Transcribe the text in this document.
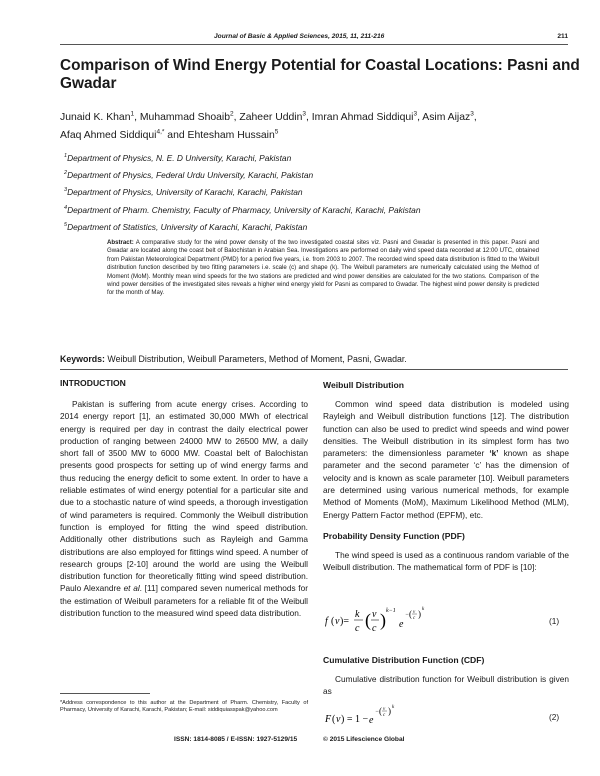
Journal of Basic & Applied Sciences, 2015, 11, 211-216	211
Comparison of Wind Energy Potential for Coastal Locations: Pasni and Gwadar
Junaid K. Khan$^1$, Muhammad Shoaib$^2$, Zaheer Uddin$^3$, Imran Ahmad Siddiqui$^3$, Asim Aijaz$^3$,
Afaq Ahmed Siddiqui$^{4,*}$ and Ehtesham Hussain$^5$
$^1$Department of Physics, N. E. D University, Karachi, Pakistan
$^2$Department of Physics, Federal Urdu University, Karachi, Pakistan
$^3$Department of Physics, University of Karachi, Karachi, Pakistan
$^4$Department of Pharm. Chemistry, Faculty of Pharmacy, University of Karachi, Karachi, Pakistan
$^5$Department of Statistics, University of Karachi, Karachi, Pakistan
Abstract: A comparative study for the wind power density of the two investigated coastal sites viz. Pasni and Gwadar is presented in this paper. Pasni and Gwadar are located along the coast belt of Balochistan in Arabian Sea. Investigations are performed on daily wind speed data recorded at 12:00 UTC, obtained from Pakistan Meteorological Department (PMD) for a period five years, i.e. from 2003 to 2007. The recorded wind speed data distribution is fitted to the Weibull distribution function described by two fitting parameters i.e. scale (c) and shape (k). The Weibull parameters are numerically calculated using the Method of Moment (MoM). Monthly mean wind speeds for the two stations are predicted and wind power densities are calculated for the two stations. Comparison of the wind power densities of the investigated sites reveals a higher wind energy yield for Pasni as compared to Gwadar. The highest wind power density is predicted for the month of May.
Keywords: Weibull Distribution, Weibull Parameters, Method of Moment, Pasni, Gwadar.
INTRODUCTION

Pakistan is suffering from acute energy crises. According to 2014 energy report [1], an estimated 30,000 MWh of electrical energy is required per day in contrast the daily electrical power production of ranging between 24000 MW to 26500 MW, a daily short fall of 3500 MW to 6000 MW. Coastal belt of Balochistan presents good prospects for setting up of wind energy farms and thus reducing the energy deficit to some extent. In order to have a reliable estimates of wind energy potential for a particular site and due to a stochastic nature of wind speeds, a thorough investigation of wind parameters is required. Commonly the Weibull distribution function is employed for fitting the wind speed distribution. Additionally other distributions such as Rayleigh and Gamma distributions are also employed for fittings wind speed. A number of research groups [2-10] around the world are using the Weibull distribution function for theoretically fitting wind speed distribution. Paulo Alexandre et al. [11] compared seven numerical methods for the estimation of Weibull parameters for a reliable fit of the Weibull distribution function to the measured wind speed data distribution.

*Address correspondence to this author at the Department of Pharm. Chemistry, Faculty of Pharmacy, University of Karachi, Karachi, Pakistan; E-mail: siddiquiasspak@yahoo.com
Weibull Distribution

Common wind speed data distribution is modeled using Rayleigh and Weibull distribution functions [12]. The distribution function can also be used to predict wind speeds and wind power densities. The Weibull distribution in its simplest form has two parameters: the dimensionless parameter ‘k’ known as shape parameter and the second parameter ‘c’ has the dimension of velocity and is known as scale parameter [10]. Weibull parameters are determined using various numerical methods, for example Method of Moments (MoM), Maximum Likelihood Method (MLM), Energy Pattern Factor method (EPFM), etc.

Probability Density Function (PDF)

The wind speed is used as a continuous random variable of the Weibull distribution. The mathematical form of PDF is [10]:

f ( v )=
k
c ( v
c ) k−1
e
− ( v
c ) k
(1)
Cumulative Distribution Function (CDF)

Cumulative distribution function for Weibull distribution is given as

F ( v ) = 1 − e
− ( v
c ) k
(2)
ISSN: 1814-8085 / E-ISSN: 1927-5129/15	© 2015 Lifescience Global
